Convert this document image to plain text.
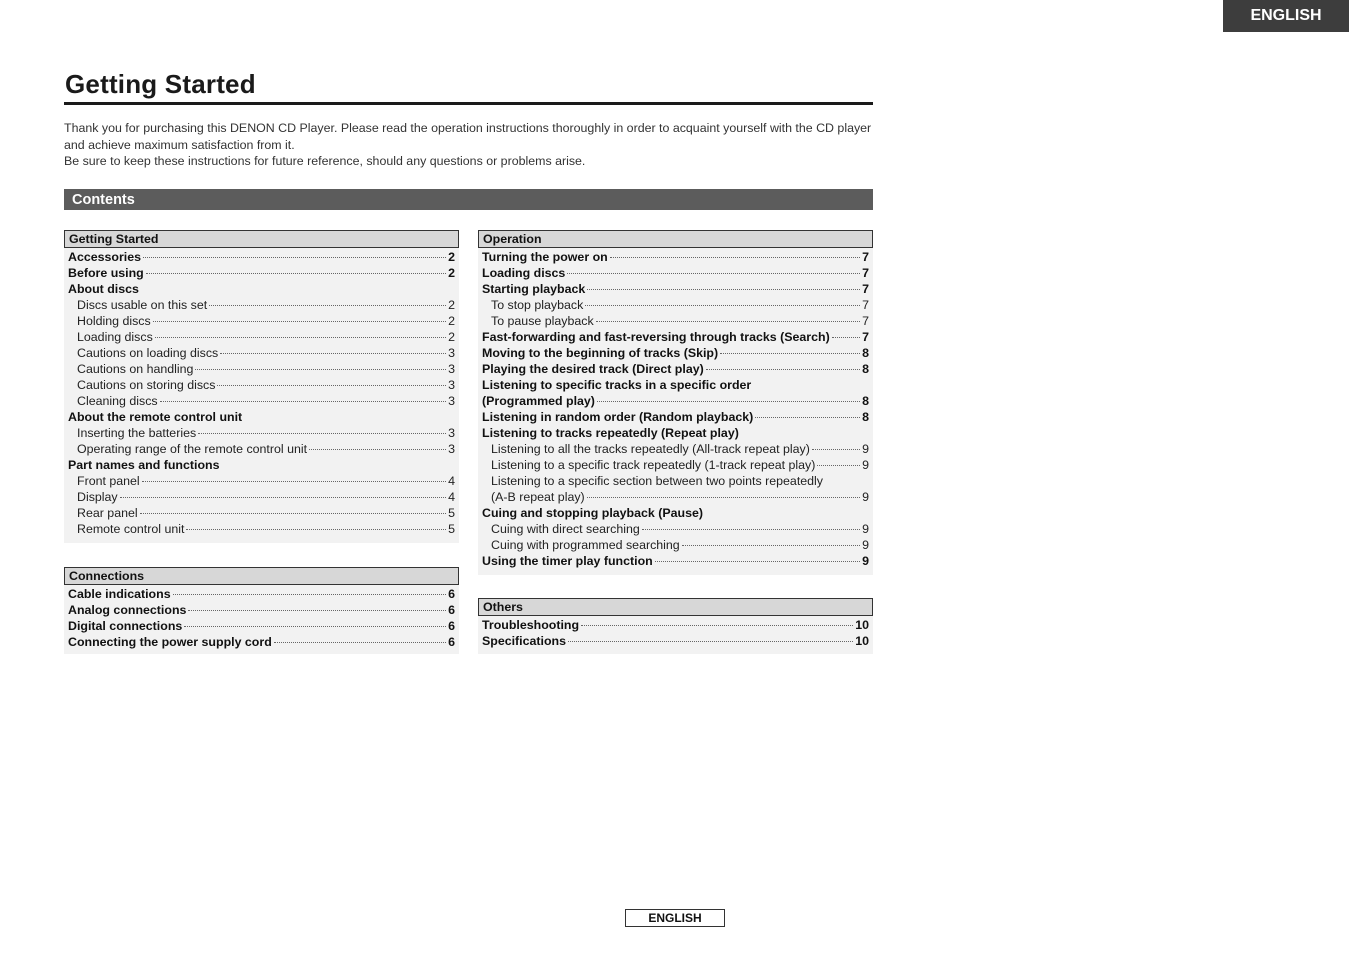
ENGLISH
Getting Started

Thank you for purchasing this DENON CD Player. Please read the operation instructions thoroughly in order to acquaint yourself with the CD player and achieve maximum satisfaction from it.

Be sure to keep these instructions for future reference, should any questions or problems arise.

Contents
Getting Started
Accessories	2
Before using	2
About discs
Discs usable on this set	2
Holding discs	2
Loading discs	2
Cautions on loading discs	3
Cautions on handling	3
Cautions on storing discs	3
Cleaning discs	3
About the remote control unit
Inserting the batteries	3
Operating range of the remote control unit	3
Part names and functions
Front panel	4
Display	4
Rear panel	5
Remote control unit	5
Connections
Cable indications	6
Analog connections	6
Digital connections	6
Connecting the power supply cord	6
Operation
Turning the power on	7
Loading discs	7
Starting playback	7
To stop playback	7
To pause playback	7
Fast-forwarding and fast-reversing through tracks (Search)	7
Moving to the beginning of tracks (Skip)	8
Playing the desired track (Direct play)	8
Listening to specific tracks in a specific order
(Programmed play)	8
Listening in random order (Random playback)	8
Listening to tracks repeatedly (Repeat play)
Listening to all the tracks repeatedly (All-track repeat play)	9
Listening to a specific track repeatedly (1-track repeat play)	9
Listening to a specific section between two points repeatedly
(A-B repeat play)	9
Cuing and stopping playback (Pause)
Cuing with direct searching	9
Cuing with programmed searching	9
Using the timer play function	9
Others
Troubleshooting	10
Specifications	10
ENGLISH
